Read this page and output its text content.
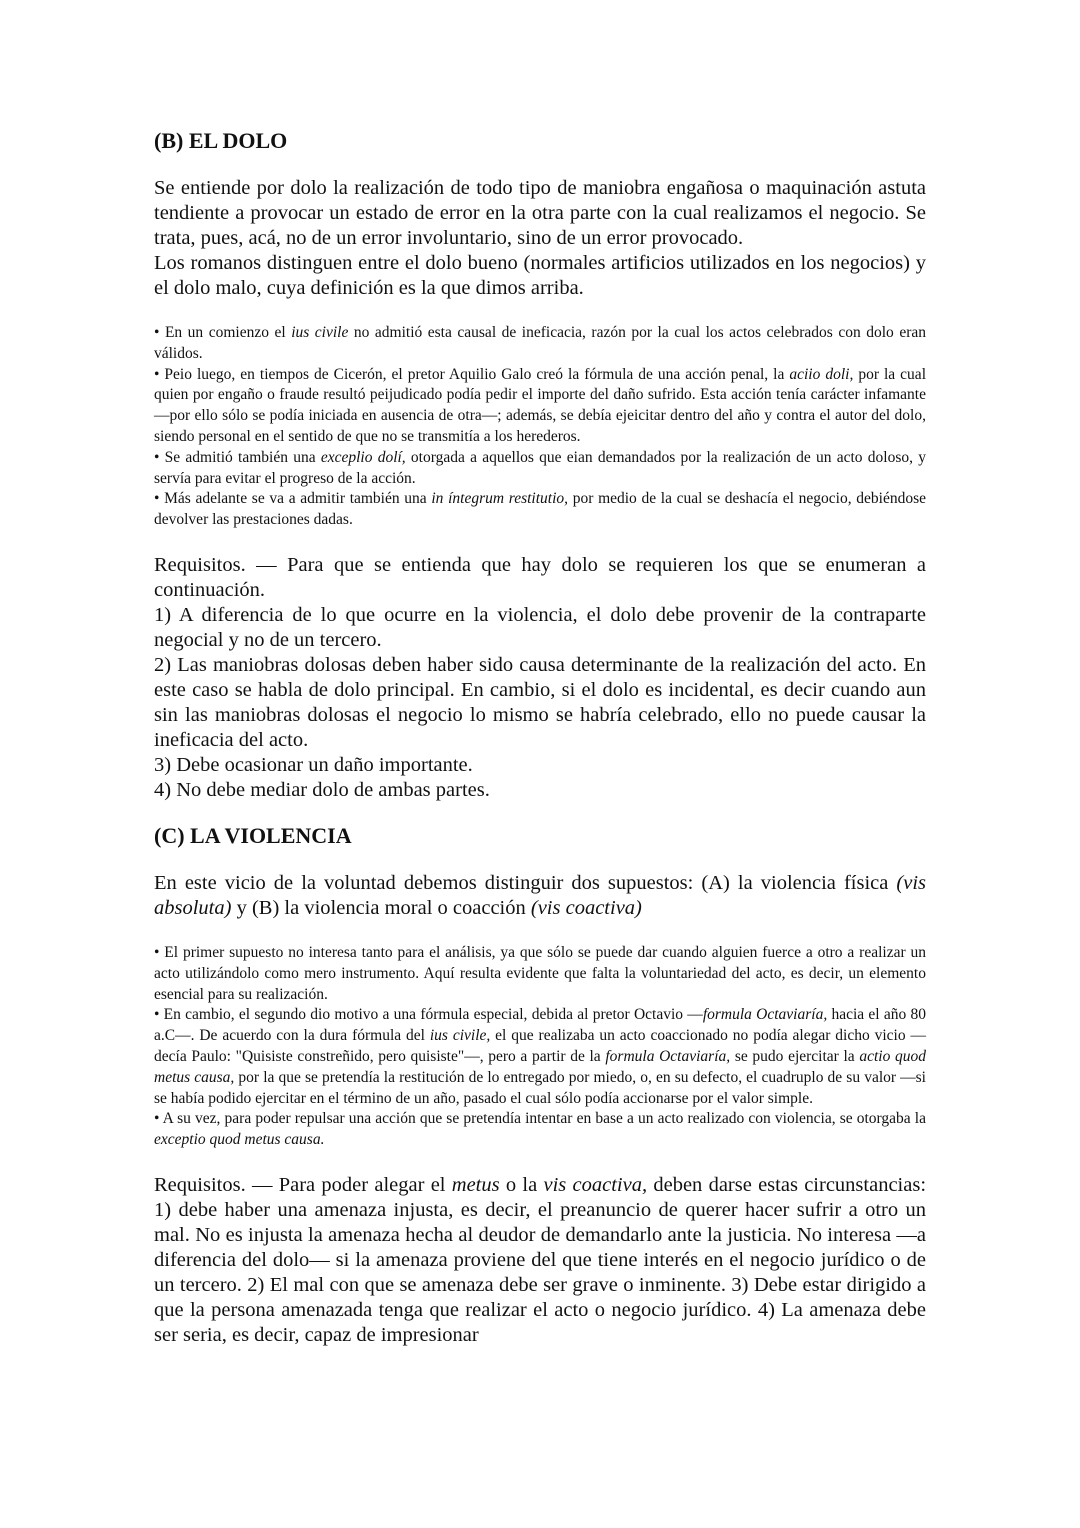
(B) EL DOLO

Se entiende por dolo la realización de todo tipo de maniobra engañosa o maquinación astuta tendiente a provocar un estado de error en la otra parte con la cual realizamos el negocio. Se trata, pues, acá, no de un error involuntario, sino de un error provocado.

Los romanos distinguen entre el dolo bueno (normales artificios utilizados en los negocios) y el dolo malo, cuya definición es la que dimos arriba.

• En un comienzo el ius civile no admitió esta causal de ineficacia, razón por la cual los actos celebrados con dolo eran válidos.

• Peio luego, en tiempos de Cicerón, el pretor Aquilio Galo creó la fórmula de una acción penal, la aciio doli, por la cual quien por engaño o fraude resultó peijudicado podía pedir el importe del daño sufrido. Esta acción tenía carácter infamante —por ello sólo se podía iniciada en ausencia de otra—; además, se debía ejeicitar dentro del año y contra el autor del dolo, siendo personal en el sentido de que no se transmitía a los herederos.

• Se admitió también una exceplio dolí, otorgada a aquellos que eian demandados por la realización de un acto doloso, y servía para evitar el progreso de la acción.

• Más adelante se va a admitir también una in íntegrum restitutio, por medio de la cual se deshacía el negocio, debiéndose devolver las prestaciones dadas.

Requisitos. — Para que se entienda que hay dolo se requieren los que se enumeran a continuación.

1) A diferencia de lo que ocurre en la violencia, el dolo debe provenir de la contraparte negocial y no de un tercero.

2) Las maniobras dolosas deben haber sido causa determinante de la realización del acto. En este caso se habla de dolo principal. En cambio, si el dolo es incidental, es decir cuando aun sin las maniobras dolosas el negocio lo mismo se habría celebrado, ello no puede causar la ineficacia del acto.

3) Debe ocasionar un daño importante.

4) No debe mediar dolo de ambas partes.

(C) LA VIOLENCIA

En este vicio de la voluntad debemos distinguir dos supuestos: (A) la violencia física (vis absoluta) y (B) la violencia moral o coacción (vis coactiva)

• El primer supuesto no interesa tanto para el análisis, ya que sólo se puede dar cuando alguien fuerce a otro a realizar un acto utilizándolo como mero instrumento. Aquí resulta evidente que falta la voluntariedad del acto, es decir, un elemento esencial para su realización.

• En cambio, el segundo dio motivo a una fórmula especial, debida al pretor Octavio —formula Octaviaría, hacia el año 80 a.C—. De acuerdo con la dura fórmula del ius civile, el que realizaba un acto coaccionado no podía alegar dicho vicio —decía Paulo: "Quisiste constreñido, pero quisiste"—, pero a partir de la formula Octaviaría, se pudo ejercitar la actio quod metus causa, por la que se pretendía la restitución de lo entregado por miedo, o, en su defecto, el cuadruplo de su valor —si se había podido ejercitar en el término de un año, pasado el cual sólo podía accionarse por el valor simple.

• A su vez, para poder repulsar una acción que se pretendía intentar en base a un acto realizado con violencia, se otorgaba la exceptio quod metus causa.

Requisitos. — Para poder alegar el metus o la vis coactiva, deben darse estas circunstancias: 1) debe haber una amenaza injusta, es decir, el preanuncio de querer hacer sufrir a otro un mal. No es injusta la amenaza hecha al deudor de demandarlo ante la justicia. No interesa —a diferencia del dolo— si la amenaza proviene del que tiene interés en el negocio jurídico o de un tercero. 2) El mal con que se amenaza debe ser grave o inminente. 3) Debe estar dirigido a que la persona amenazada tenga que realizar el acto o negocio jurídico. 4) La amenaza debe ser seria, es decir, capaz de impresionar
